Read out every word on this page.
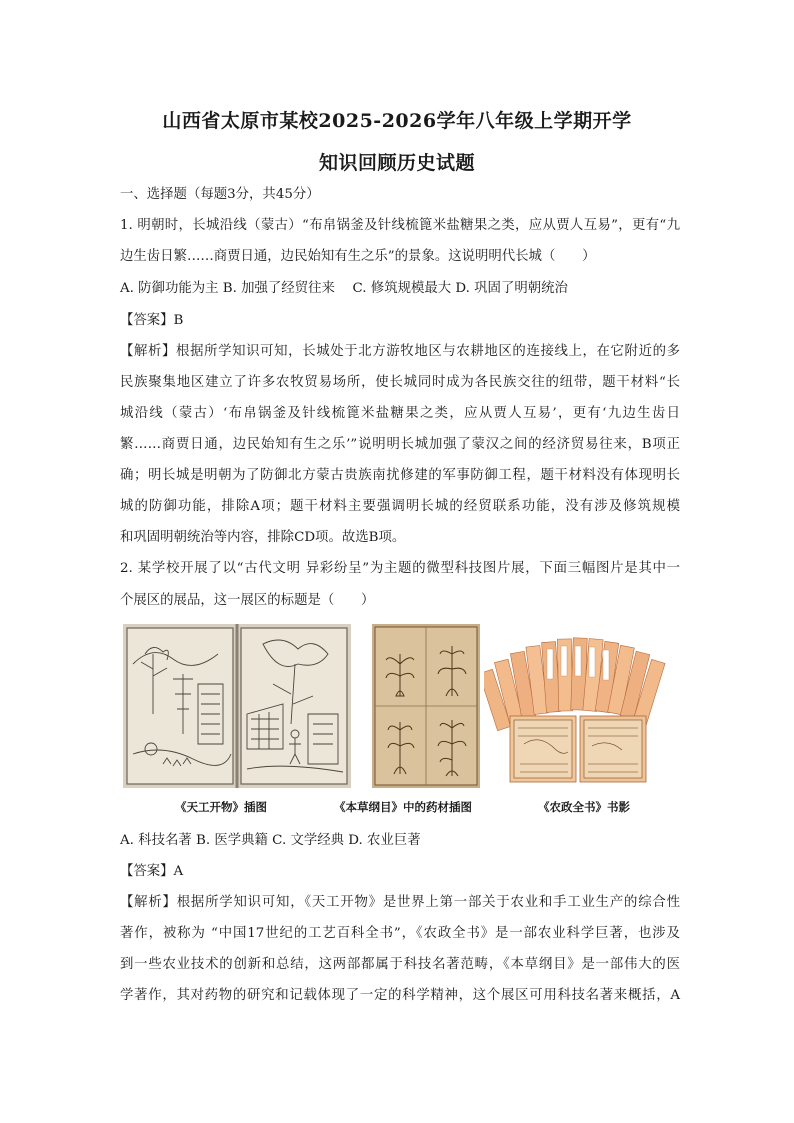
山西省太原市某校2025-2026学年八年级上学期开学
知识回顾历史试题
一、选择题（每题3分，共45分）
1. 明朝时，长城沿线（蒙古）“布帛锅釜及针线梳篦米盐糖果之类，应从贾人互易”，更有“九
边生齿日繁……商贾日通，边民始知有生之乐”的景象。这说明明代长城（　　）
A. 防御功能为主 B. 加强了经贸往来　 C. 修筑规模最大 D. 巩固了明朝统治
【答案】B
【解析】根据所学知识可知，长城处于北方游牧地区与农耕地区的连接线上，在它附近的多
民族聚集地区建立了许多农牧贸易场所，使长城同时成为各民族交往的纽带，题干材料“长
城沿线（蒙古）‘布帛锅釜及针线梳篦米盐糖果之类，应从贾人互易’，更有‘九边生齿日
繁……商贾日通，边民始知有生之乐’”说明明长城加强了蒙汉之间的经济贸易往来，B项正
确；明长城是明朝为了防御北方蒙古贵族南扰修建的军事防御工程，题干材料没有体现明长
城的防御功能，排除A项；题干材料主要强调明长城的经贸联系功能，没有涉及修筑规模
和巩固明朝统治等内容，排除CD项。故选B项。
2. 某学校开展了以“古代文明 异彩纷呈”为主题的微型科技图片展，下面三幅图片是其中一
个展区的展品，这一展区的标题是（　　）
《天工开物》插图	《本草纲目》中的药材插图	《农政全书》书影
A. 科技名著 B. 医学典籍 C. 文学经典 D. 农业巨著
【答案】A
【解析】根据所学知识可知，《天工开物》是世界上第一部关于农业和手工业生产的综合性
著作，被称为 “中国17世纪的工艺百科全书”，《农政全书》是一部农业科学巨著，也涉及
到一些农业技术的创新和总结，这两部都属于科技名著范畴，《本草纲目》是一部伟大的医
学著作，其对药物的研究和记载体现了一定的科学精神，这个展区可用科技名著来概括，A
